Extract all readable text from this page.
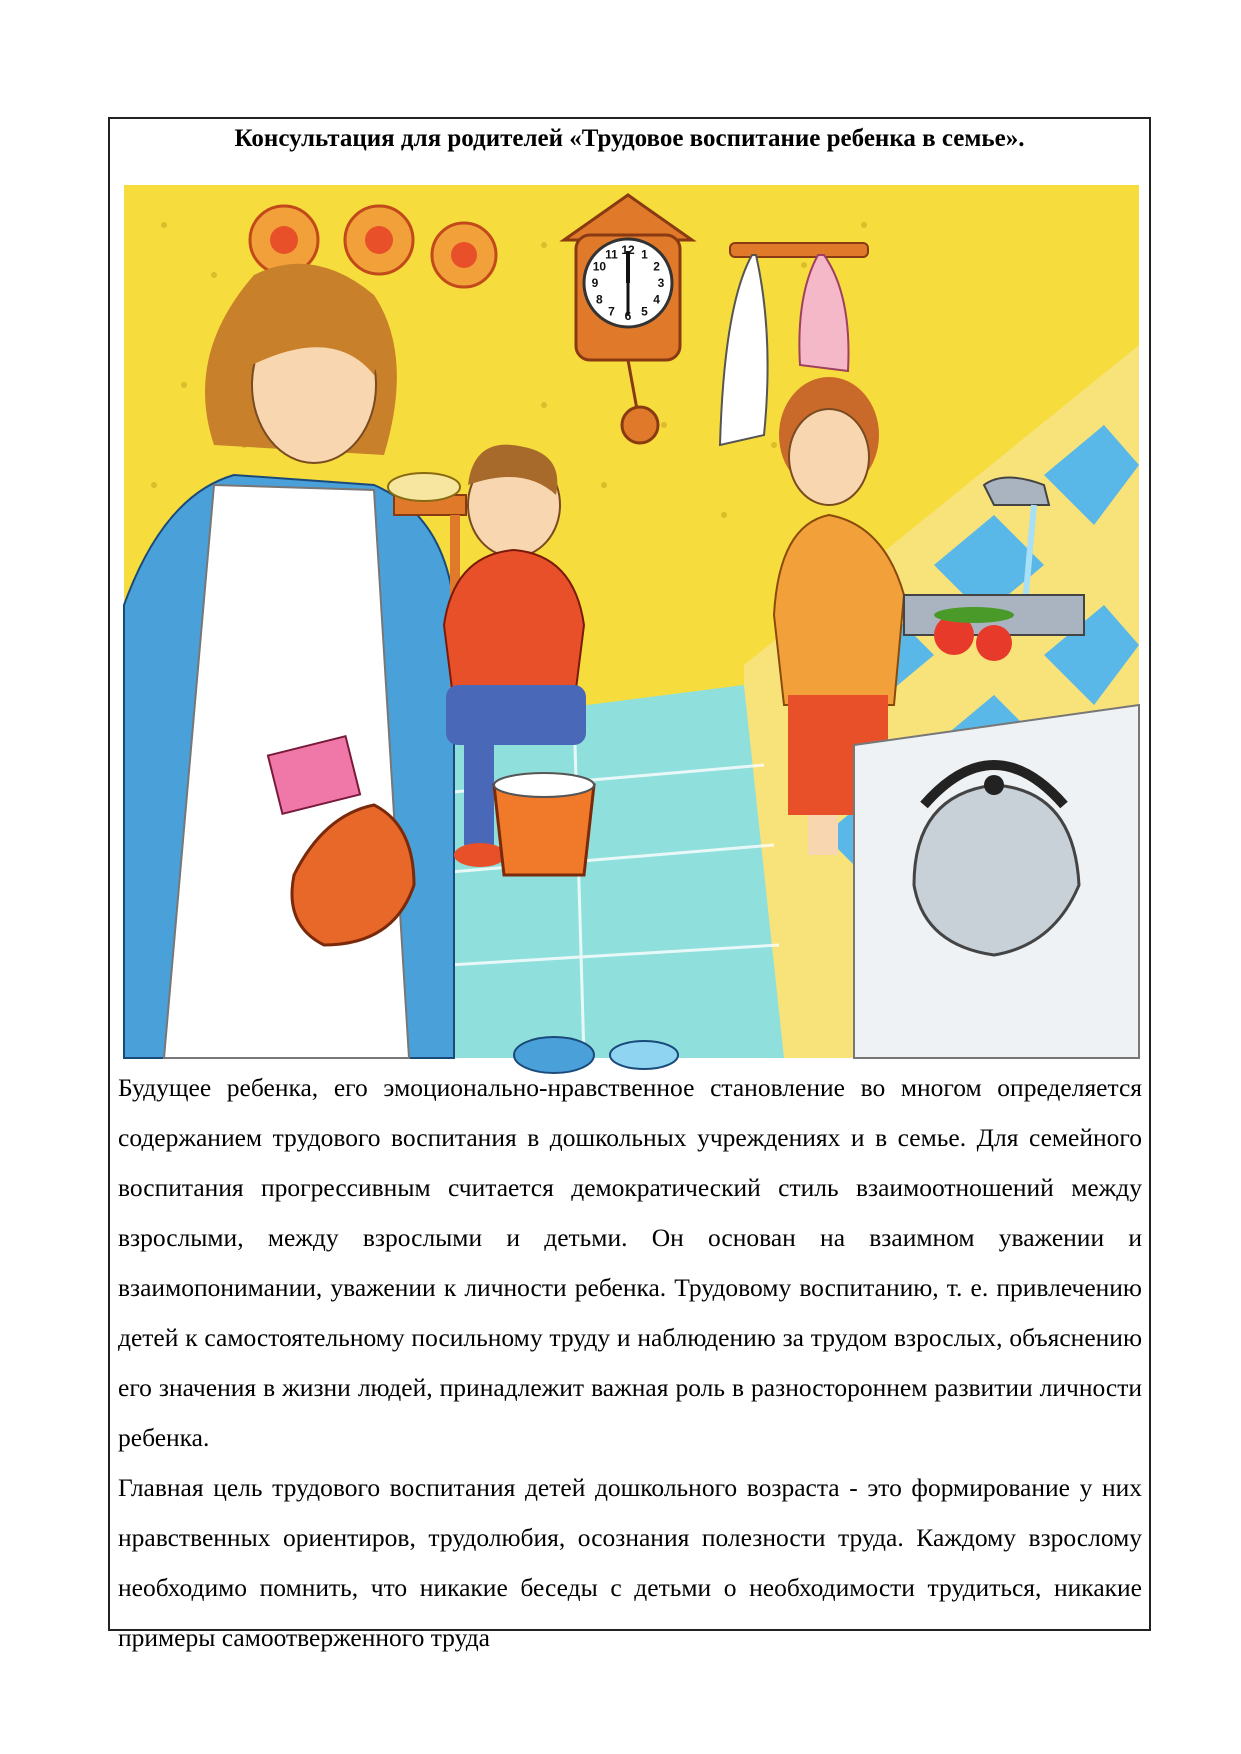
Консультация для родителей «Трудовое воспитание ребенка в семье».
12 1
2
3
4
5
6
7
8
9
10
11

Будущее ребенка, его эмоционально-нравственное становление во многом определяется содержанием трудового воспитания в дошкольных учреждениях и в семье. Для семейного воспитания прогрессивным считается демократический стиль взаимоотношений между взрослыми, между взрослыми и детьми. Он основан на взаимном уважении и взаимопонимании, уважении к личности ребенка. Трудовому воспитанию, т. е. привлечению детей к самостоятельному посильному труду и наблюдению за трудом взрослых, объяснению его значения в жизни людей, принадлежит важная роль в разностороннем развитии личности ребенка.

Главная цель трудового воспитания детей дошкольного возраста - это формирование у них нравственных ориентиров, трудолюбия, осознания полезности труда. Каждому взрослому необходимо помнить, что никакие беседы с детьми о необходимости трудиться, никакие примеры самоотверженного труда
